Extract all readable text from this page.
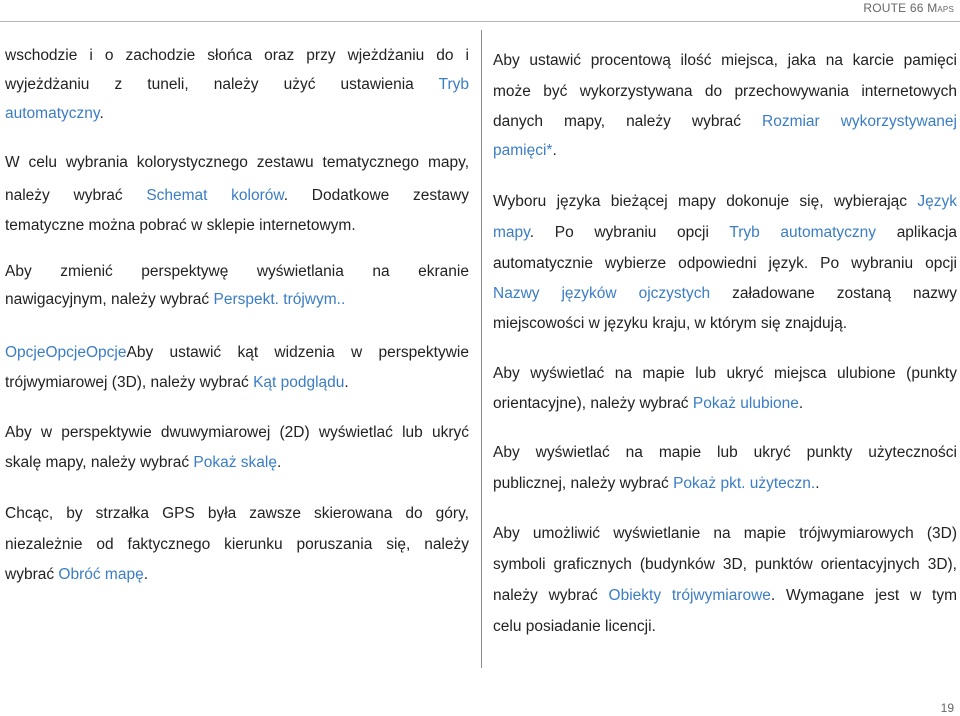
ROUTE 66 Maps
wschodzie i o zachodzie słońca oraz przy wjeżdżaniu do i
wyjeżdżaniu z tuneli, należy użyć ustawienia Tryb
automatyczny.
W celu wybrania kolorystycznego zestawu tematycznego mapy,
należy wybrać Schemat kolorów. Dodatkowe zestawy
tematyczne można pobrać w sklepie internetowym.
Aby zmienić perspektywę wyświetlania na ekranie
nawigacyjnym, należy wybrać Perspekt. trójwym..
OpcjeOpcjeOpcjeAby ustawić kąt widzenia w perspektywie
trójwymiarowej (3D), należy wybrać Kąt podglądu.
Aby w perspektywie dwuwymiarowej (2D) wyświetlać lub ukryć
skalę mapy, należy wybrać Pokaż skalę.
Chcąc, by strzałka GPS była zawsze skierowana do góry,
niezależnie od faktycznego kierunku poruszania się, należy
wybrać Obróć mapę.
Aby ustawić procentową ilość miejsca, jaka na karcie pamięci
może być wykorzystywana do przechowywania internetowych
danych mapy, należy wybrać Rozmiar wykorzystywanej
pamięci*.
Wyboru języka bieżącej mapy dokonuje się, wybierając Język
mapy. Po wybraniu opcji Tryb automatyczny aplikacja
automatycznie wybierze odpowiedni język. Po wybraniu opcji
Nazwy języków ojczystych załadowane zostaną nazwy
miejscowości w języku kraju, w którym się znajdują.
Aby wyświetlać na mapie lub ukryć miejsca ulubione (punkty
orientacyjne), należy wybrać Pokaż ulubione.
Aby wyświetlać na mapie lub ukryć punkty użyteczności
publicznej, należy wybrać Pokaż pkt. użyteczn..
Aby umożliwić wyświetlanie na mapie trójwymiarowych (3D)
symboli graficznych (budynków 3D, punktów orientacyjnych 3D),
należy wybrać Obiekty trójwymiarowe. Wymagane jest w tym
celu posiadanie licencji.
19
